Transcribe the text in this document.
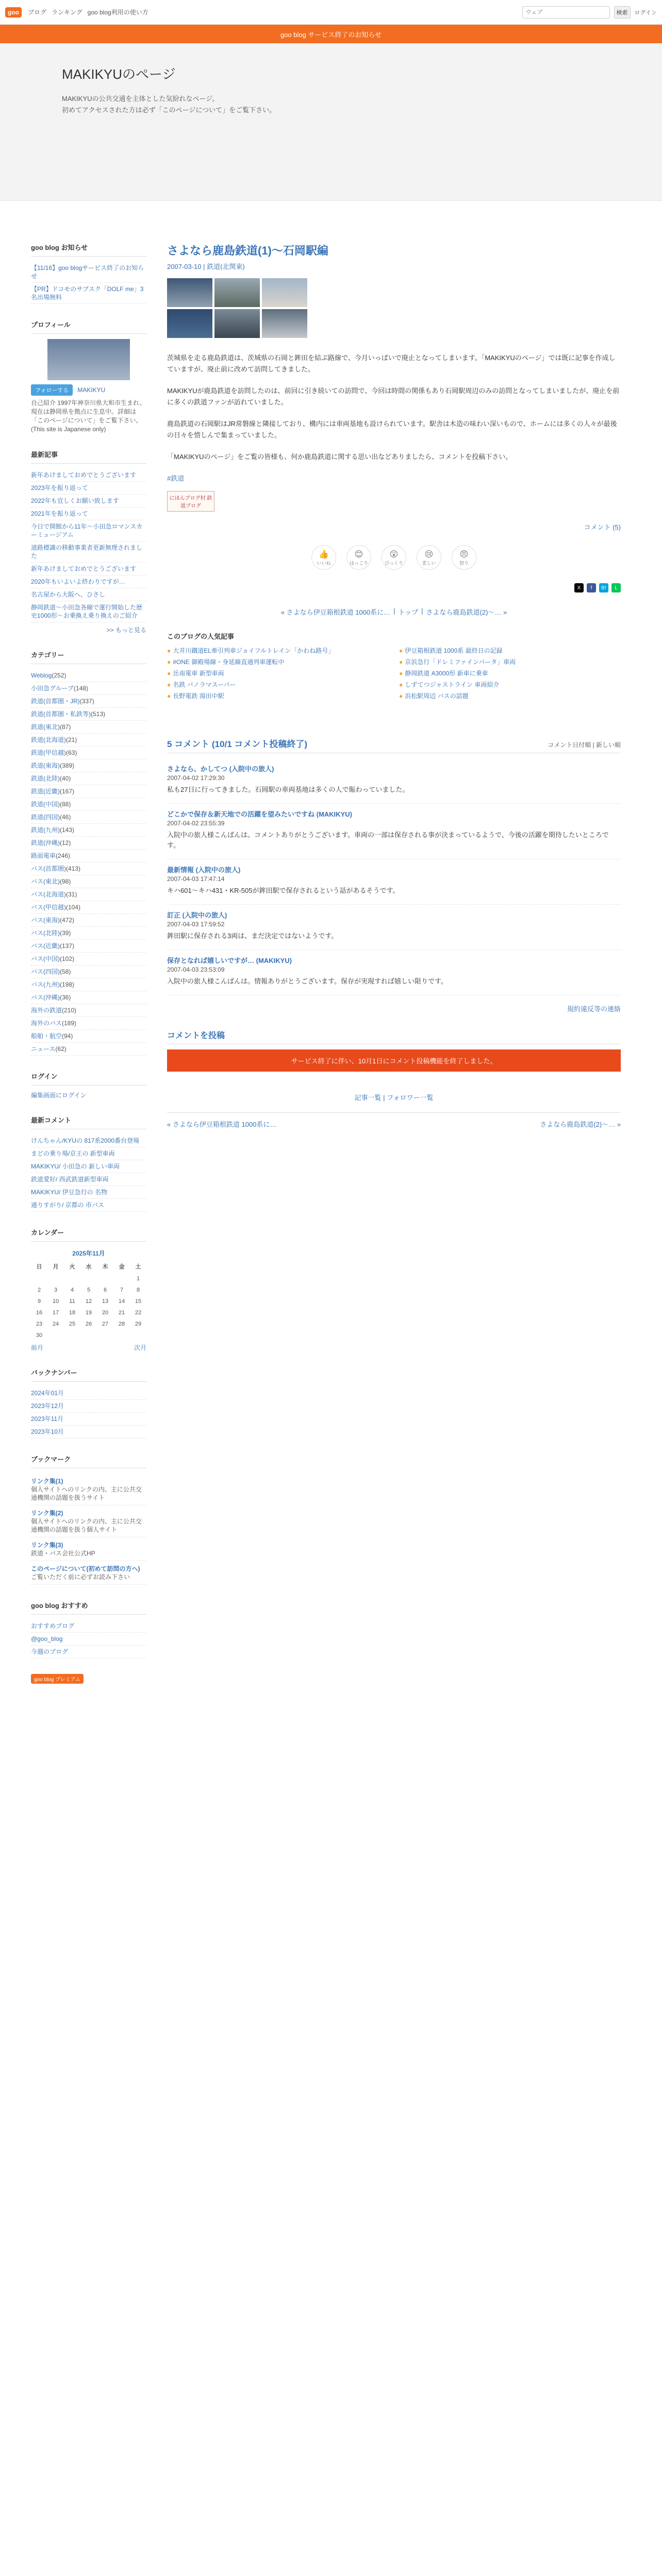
goo	ブログ ランキング goo blog利用の使い方
ウェブ	検索	ログイン
goo blog サービス終了のお知らせ
MAKIKYUのページ
MAKIKYUの公共交通を主体とした気紛れなページ。
初めてアクセスされた方は必ず「このページについて」をご覧下さい。
goo blog お知らせ
【11/16】goo blogサービス終了のお知らせ
【PR】ドコモのサブスク「DOLF me」3 名出場無料
プロフィール
フォローする MAKIKYU
自己紹介 1997年神奈川県大和市生まれ、現在は静岡県を拠点に生息中。詳細は「このページについて」をご覧下さい。(This site is Japanese only)
最新記事
新年あけましておめでとうございます
2023年を振り返って
2022年も宜しくお願い致します
2021年を振り返って
今日で開館から11年〜小田急ロマンスカーミュージアム
道路標識の移動事業者更新無理されました
新年あけましておめでとうございます
2020年もいよいよ終わりですが…
名古屋から大阪へ、ひさし
静岡鉄道〜小田急各線で運行開始した歴史1000形〜お乗換え乗り換えのご紹介
>> もっと見る
カテゴリー
Weblog(252)
小田急グループ(148)
鉄道(首都圏・JR)(337)
鉄道(首都圏・私鉄等)(513)
鉄道(東北)(87)
鉄道(北海道)(21)
鉄道(甲信越)(63)
鉄道(東海)(389)
鉄道(北陸)(40)
鉄道(近畿)(167)
鉄道(中国)(88)
鉄道(四国)(46)
鉄道(九州)(143)
鉄道(沖縄)(12)
路面電車(246)
バス(首都圏)(413)
バス(東北)(98)
バス(北海道)(31)
バス(甲信越)(104)
バス(東海)(472)
バス(北陸)(39)
バス(近畿)(137)
バス(中国)(102)
バス(四国)(58)
バス(九州)(198)
バス(沖縄)(36)
海外の鉄道(210)
海外のバス(189)
船舶・航空(94)
ニュース(62)
ログイン
編集画面にログイン
最新コメント
けんちゃん/KYUの 817系2000番台登場
まどの乗り場/京王の 新型車両
MAKIKYU/ 小田急の 新しい車両
鉄道愛好/ 西武鉄道新型車両
MAKIKYU/ 伊豆急行の 名物
通りすがり/ 京都の 市バス
カレンダー
2025年11月
日	月	火	水	木	金	土
						1
2	3	4	5	6	7	8
9	10	11	12	13	14	15
16	17	18	19	20	21	22
23	24	25	26	27	28	29
30						
前月	次月
バックナンバー
2024年01月
2023年12月
2023年11月
2023年10月
ブックマーク
リンク集(1)
個人サイトへのリンクの内、主に公共交通機関の話題を扱うサイト
リンク集(2)
個人サイトへのリンクの内、主に公共交通機関の話題を扱う個人サイト
リンク集(3)
鉄道・バス会社公式HP
このページについて(初めて訪問の方へ)
ご覧いただく前に必ずお読み下さい
goo blog おすすめ
おすすめブログ
@goo_blog
今週のブログ
goo blog プレミアム
さよなら鹿島鉄道(1)〜石岡駅編
2007-03-10 | 鉄道(北関東)

茨城県を走る鹿島鉄道は、茨城県の石岡と鉾田を結ぶ路線で、今月いっぱいで廃止となってしまいます。「MAKIKYUのページ」では既に記事を作成していますが、廃止前に改めて訪問してきました。

MAKIKYUが鹿島鉄道を訪問したのは、前回に引き続いての訪問で、今回は時間の関係もあり石岡駅周辺のみの訪問となってしまいましたが、廃止を前に多くの鉄道ファンが訪れていました。

鹿島鉄道の石岡駅はJR常磐線と隣接しており、構内には車両基地も設けられています。駅舎は木造の味わい深いもので、ホームには多くの人々が最後の日々を惜しんで集まっていました。

「MAKIKYUのページ」をご覧の皆様も、何か鹿島鉄道に関する思い出などありましたら、コメントを投稿下さい。

#鉄道
にほんブログ村 鉄道ブログ
コメント (5)
👍
いいね
😊
ほっこり
😲
びっくり
😢
悲しい
😠
怒り
X	f	B!	L
« さよなら伊豆箱根鉄道 1000系に… | トップ | さよなら鹿島鉄道(2)〜… »
このブログの人気記事
● 大井川鐵道EL牽引列車ジョイフルトレイン「かわね路号」	● 伊豆箱根鉄道 1000系 最終日の記録
● #ONE 御殿場線・身延線直通列車運転中	● 京浜急行「ドレミファインバータ」車両
● 岳南電車 新型車両	● 静岡鉄道 A3000形 新車に乗車
● 名鉄 パノラマスーパー	● しずてつジャストライン 車両紹介
● 長野電鉄 湯田中駅	● 浜松駅周辺 バスの話題
5 コメント (10/1 コメント投稿終了)	コメント日付順 | 新しい順
さよなら、かしてつ (入院中の旅人)
2007-04-02 17:29:30
私も27日に行ってきました。石岡駅の車両基地は多くの人で賑わっていました。
どこかで保存＆新天地での活躍を望みたいですね (MAKIKYU)
2007-04-02 23:55:39
入院中の旅人様こんばんは。コメントありがとうございます。車両の一部は保存される事が決まっているようで、今後の活躍を期待したいところです。
最新情報 (入院中の旅人)
2007-04-03 17:47:14
キハ601〜キハ431・KR-505が鉾田駅で保存されるという話があるそうです。
訂正 (入院中の旅人)
2007-04-03 17:59:52
鉾田駅に保存される3両は、まだ決定ではないようです。
保存となれば嬉しいですが… (MAKIKYU)
2007-04-03 23:53:09
入院中の旅人様こんばんは。情報ありがとうございます。保存が実現すれば嬉しい限りです。
規約違反等の連絡
コメントを投稿
サービス終了に伴い、10月1日にコメント投稿機能を終了しました。
記事一覧 | フォロワー一覧
« さよなら伊豆箱根鉄道 1000系に…	さよなら鹿島鉄道(2)〜… »
